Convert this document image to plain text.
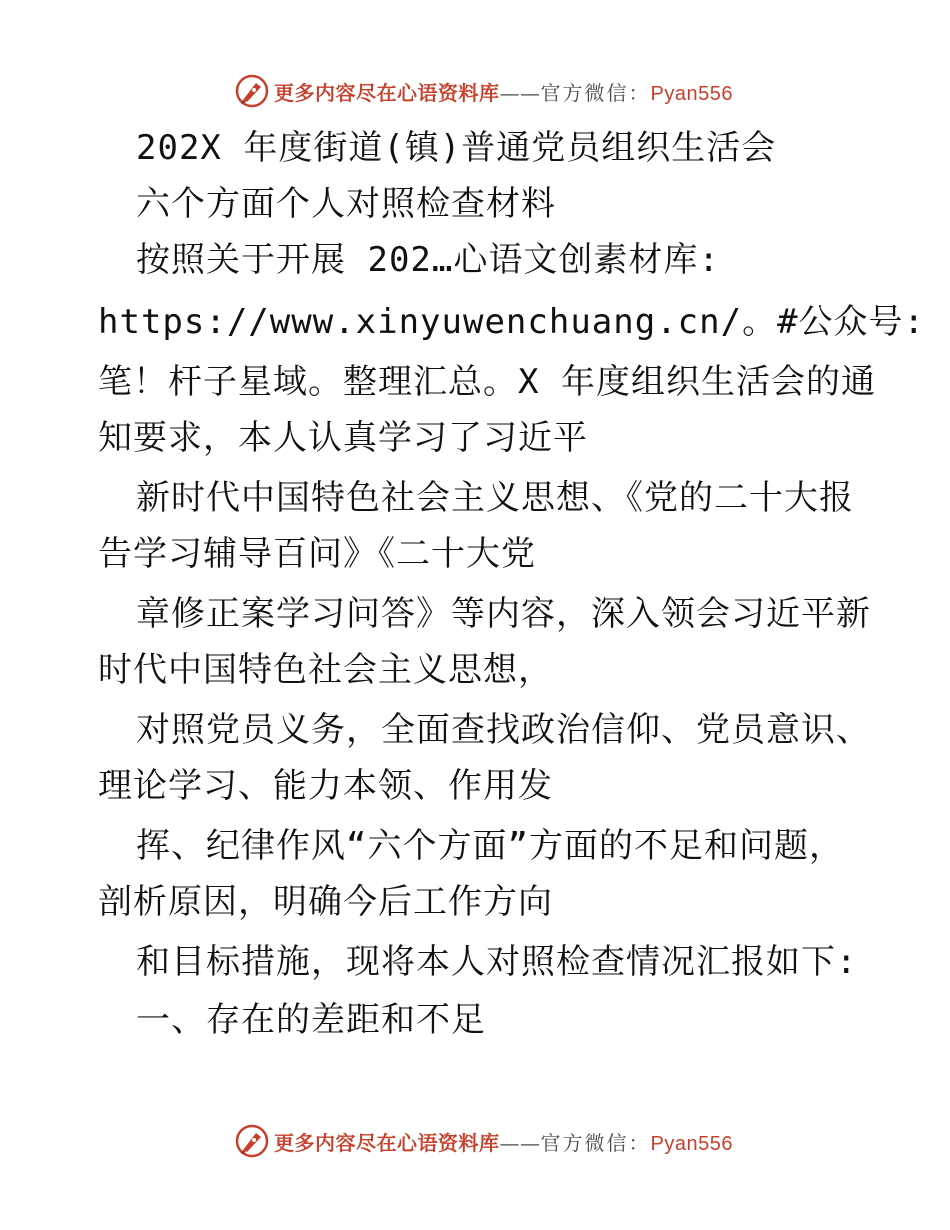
更多内容尽在心语资料库——官方微信：Pyan556
202X 年度街道(镇)普通党员组织生活会
六个方面个人对照检查材料
按照关于开展 202…心语文创素材库:
https://www.xinyuwenchuang.cn/。#公众号:
笔！杆子星域。整理汇总。X 年度组织生活会的通
知要求，本人认真学习了习近平
新时代中国特色社会主义思想、《党的二十大报
告学习辅导百问》《二十大党
章修正案学习问答》等内容，深入领会习近平新
时代中国特色社会主义思想，
对照党员义务，全面查找政治信仰、党员意识、
理论学习、能力本领、作用发
挥、纪律作风“六个方面”方面的不足和问题，
剖析原因，明确今后工作方向
和目标措施，现将本人对照检查情况汇报如下:
一、存在的差距和不足
更多内容尽在心语资料库——官方微信：Pyan556
